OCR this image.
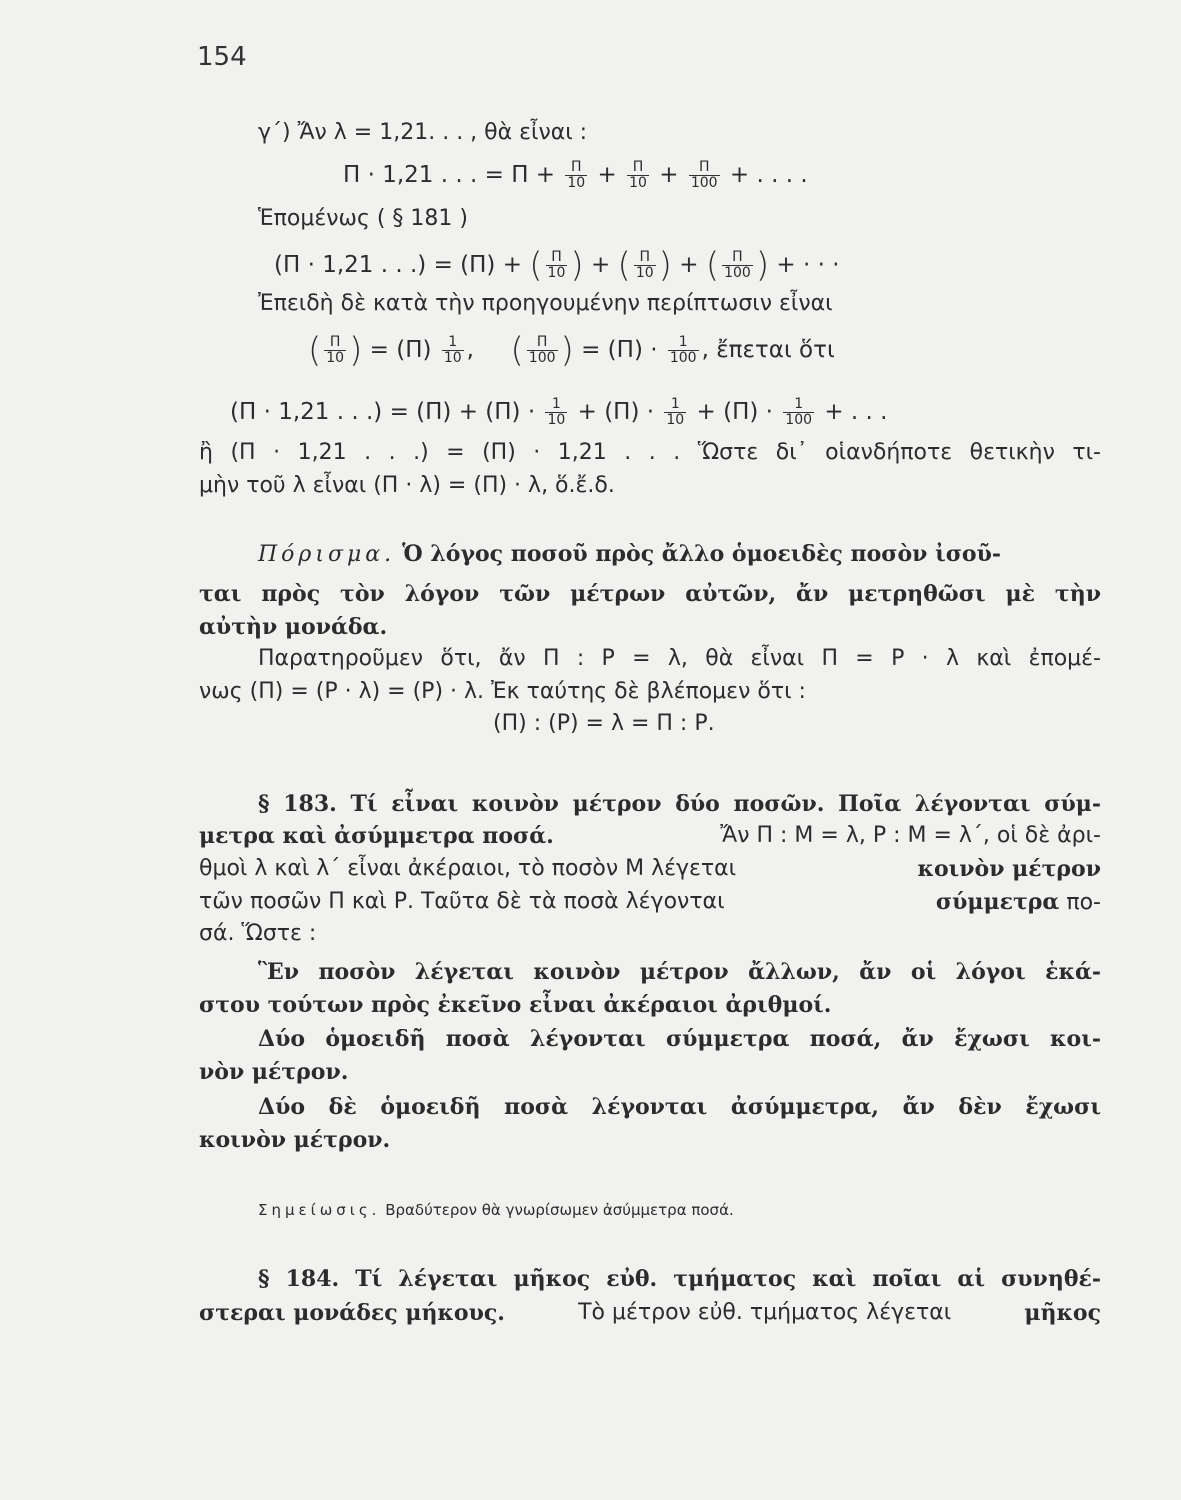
154
γ΄) Ἄν λ = 1,21. . . , θὰ εἶναι :
Π · 1,21 . . . = $\Pi + \frac{\Pi}{10} + \frac{\Pi}{10} + \frac{\Pi}{100}$ + . . . .
Ἑπομένως ( § 181 )
(Π · 1,21 . . .) = (Π) + ( $\frac{\Pi}{10}$ ) + ( $\frac{\Pi}{10}$ ) + ( $\frac{\Pi}{100}$ ) + · · ·
Ἐπειδὴ δὲ κατὰ τὴν προηγουμένην περίπτωσιν εἶναι
( $\frac{\Pi}{10}$ ) = $(\Pi) \frac{1}{10}$ ,     ( $\frac{\Pi}{100}$ ) = $(\Pi) \cdot \frac{1}{100}$ , ἔπεται ὅτι
(Π · 1,21 . . .) = $(\Pi) + (\Pi) \cdot \frac{1}{10} + (\Pi) \cdot \frac{1}{10} + (\Pi) \cdot \frac{1}{100}$ + . . .
ἢ (Π · 1,21 . . .) = (Π) · 1,21 . . . Ὥστε δι᾽ οἱανδήποτε θετικὴν τι-
μὴν τοῦ λ εἶναι (Π · λ) = (Π) · λ, ὅ.ἔ.δ.
Πόρισμα. Ὁ λόγος ποσοῦ πρὸς ἄλλο ὁμοειδὲς ποσὸν ἰσοῦ-
ται πρὸς τὸν λόγον τῶν μέτρων αὐτῶν, ἄν μετρηθῶσι μὲ τὴν
αὐτὴν μονάδα.
Παρατηροῦμεν ὅτι, ἄν Π : Ρ = λ, θὰ εἶναι Π = Ρ · λ καὶ ἐπομέ-
νως (Π) = (Ρ · λ) = (Ρ) · λ. Ἐκ ταύτης δὲ βλέπομεν ὅτι :
(Π) : (Ρ) = λ = Π : Ρ.
§ 183. Τί εἶναι κοινὸν μέτρον δύο ποσῶν. Ποῖα λέγονται σύμ-
μετρα καὶ ἀσύμμετρα ποσά.	Ἄν Π : Μ = λ, Ρ : Μ = λ΄, οἱ δὲ ἀρι-
θμοὶ λ καὶ λ΄ εἶναι ἀκέραιοι, τὸ ποσὸν Μ λέγεται	κοινὸν μέτρον
τῶν ποσῶν Π καὶ Ρ. Ταῦτα δὲ τὰ ποσὰ λέγονται	σύμμετρα πο-
σά. Ὥστε :
Ἓν ποσὸν λέγεται κοινὸν μέτρον ἄλλων, ἄν οἱ λόγοι ἑκά-
στου τούτων πρὸς ἐκεῖνο εἶναι ἀκέραιοι ἀριθμοί.
Δύο ὁμοειδῆ ποσὰ λέγονται σύμμετρα ποσά, ἄν ἔχωσι κοι-
νὸν μέτρον.
Δύο δὲ ὁμοειδῆ ποσὰ λέγονται ἀσύμμετρα, ἄν δὲν ἔχωσι
κοινὸν μέτρον.
Σημείωσις. Βραδύτερον θὰ γνωρίσωμεν ἀσύμμετρα ποσά.
§ 184. Τί λέγεται μῆκος εὐθ. τμήματος καὶ ποῖαι αἱ συνηθέ-
στεραι μονάδες μήκους.	Τὸ μέτρον εὐθ. τμήματος λέγεται	μῆκος
